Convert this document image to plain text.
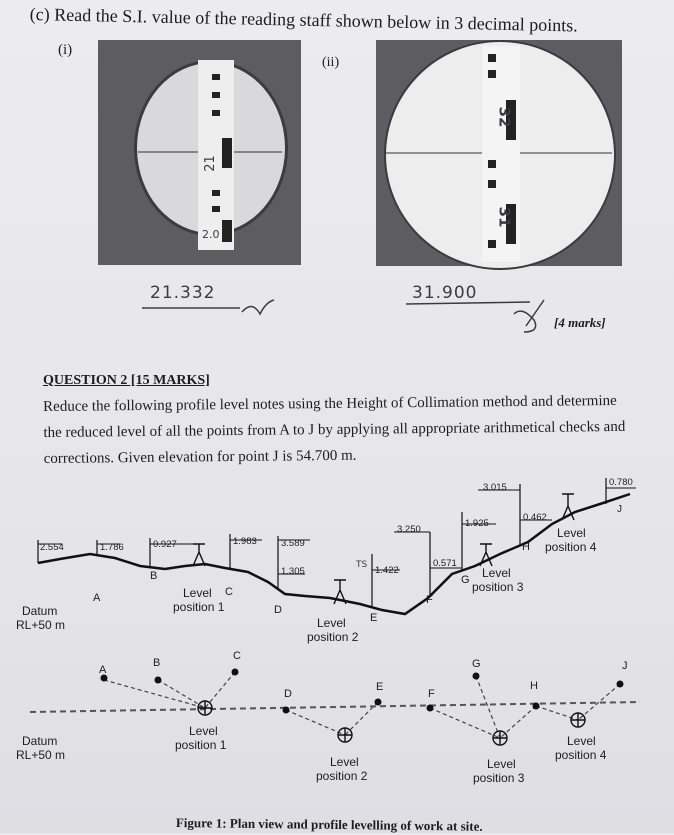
(c) Read the S.I. value of the reading staff shown below in 3 decimal points.
(i)
21
2.0
(ii)
32
31
21.332	31.900
[4 marks]
QUESTION 2 [15 MARKS]
Reduce the following profile level notes using the Height of Collimation method and determine the reduced level of all the points from A to J by applying all appropriate arithmetical checks and corrections. Given elevation for point J is 54.700 m.
2.554	1.786	0.927	1.983	3.589
1.305	1.422
3.250
0.571
1.925
3.015
0.462
0.780
TS
A
B
C
D
E
F
G
H
J
Level
position 1
Level
position 2
Level
position 3
Level
position 4
Datum
RL+50 m
A
B
C
D
E
F
G
H
J
Level
position 1
Level
position 2
Level
position 3
Level
position 4
Datum
RL+50 m
Figure 1: Plan view and profile levelling of work at site.
